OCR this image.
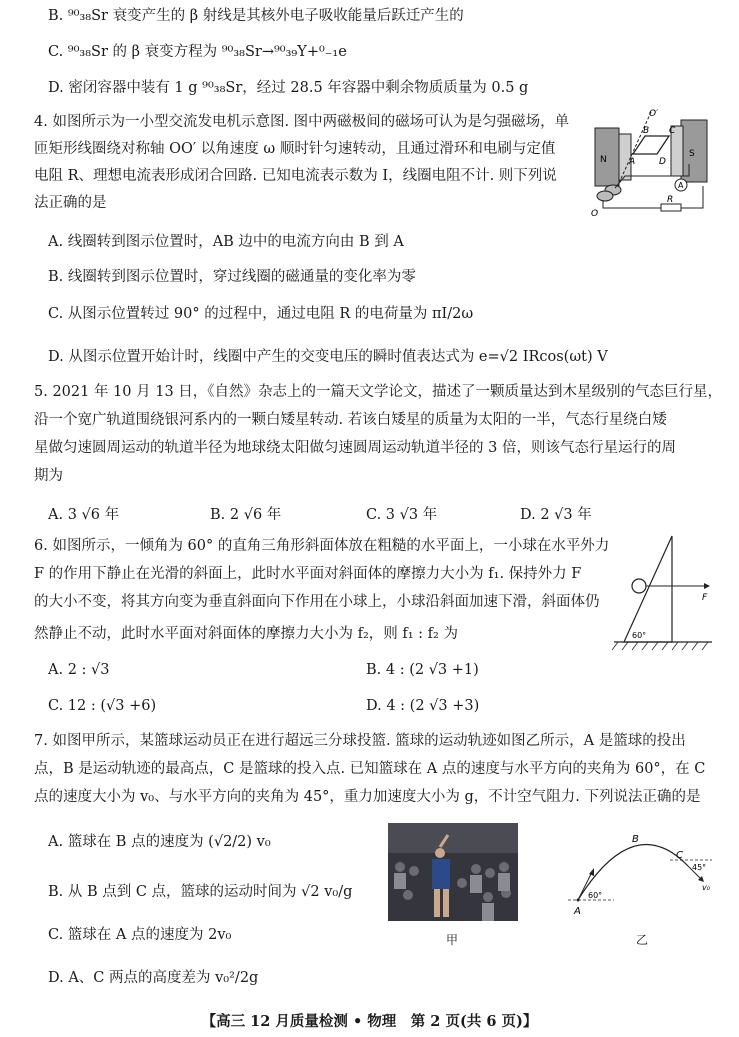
B. ⁹⁰₃₈Sr 衰变产生的 β 射线是其核外电子吸收能量后跃迁产生的
C. ⁹⁰₃₈Sr 的 β 衰变方程为 ⁹⁰₃₈Sr→⁹⁰₃₉Y+⁰₋₁e
D. 密闭容器中装有 1 g ⁹⁰₃₈Sr，经过 28.5 年容器中剩余物质质量为 0.5 g
4. 如图所示为一小型交流发电机示意图. 图中两磁极间的磁场可认为是匀强磁场，单
匝矩形线圈绕对称轴 OO′ 以角速度 ω 顺时针匀速转动，且通过滑环和电刷与定值
电阻 R、理想电流表形成闭合回路. 已知电流表示数为 I，线圈电阻不计. 则下列说
法正确的是
A. 线圈转到图示位置时，AB 边中的电流方向由 B 到 A
B. 线圈转到图示位置时，穿过线圈的磁通量的变化率为零
C. 从图示位置转过 90° 的过程中，通过电阻 R 的电荷量为 πI/2ω
D. 从图示位置开始计时，线圈中产生的交变电压的瞬时值表达式为 e=√2 IRcos(ωt) V
5. 2021 年 10 月 13 日，《自然》杂志上的一篇天文学论文，描述了一颗质量达到木星级别的气态巨行星，
沿一个宽广轨道围绕银河系内的一颗白矮星转动. 若该白矮星的质量为太阳的一半，气态行星绕白矮
星做匀速圆周运动的轨道半径为地球绕太阳做匀速圆周运动轨道半径的 3 倍，则该气态行星运行的周
期为
A. 3 √6 年	B. 2 √6 年	C. 3 √3 年	D. 2 √3 年
6. 如图所示，一倾角为 60° 的直角三角形斜面体放在粗糙的水平面上，一小球在水平外力
F 的作用下静止在光滑的斜面上，此时水平面对斜面体的摩擦力大小为 f₁. 保持外力 F
的大小不变，将其方向变为垂直斜面向下作用在小球上，小球沿斜面加速下滑，斜面体仍
然静止不动，此时水平面对斜面体的摩擦力大小为 f₂，则 f₁ : f₂ 为
A. 2 : √3	B. 4 : (2 √3 +1)
C. 12 : (√3 +6)	D. 4 : (2 √3 +3)
7. 如图甲所示，某篮球运动员正在进行超远三分球投篮. 篮球的运动轨迹如图乙所示，A 是篮球的投出
点，B 是运动轨迹的最高点，C 是篮球的投入点. 已知篮球在 A 点的速度与水平方向的夹角为 60°，在 C
点的速度大小为 v₀、与水平方向的夹角为 45°，重力加速度大小为 g，不计空气阻力. 下列说法正确的是
A. 篮球在 B 点的速度为 (√2/2) v₀
B. 从 B 点到 C 点，篮球的运动时间为 √2 v₀/g
C. 篮球在 A 点的速度为 2v₀
D. A、C 两点的高度差为 v₀²/2g
O′
B C
N A	D
S
A
R
O
F
60°
甲
B
C
45°
v₀
A
60°
乙
【高三 12 月质量检测 • 物理　第 2 页(共 6 页)】
